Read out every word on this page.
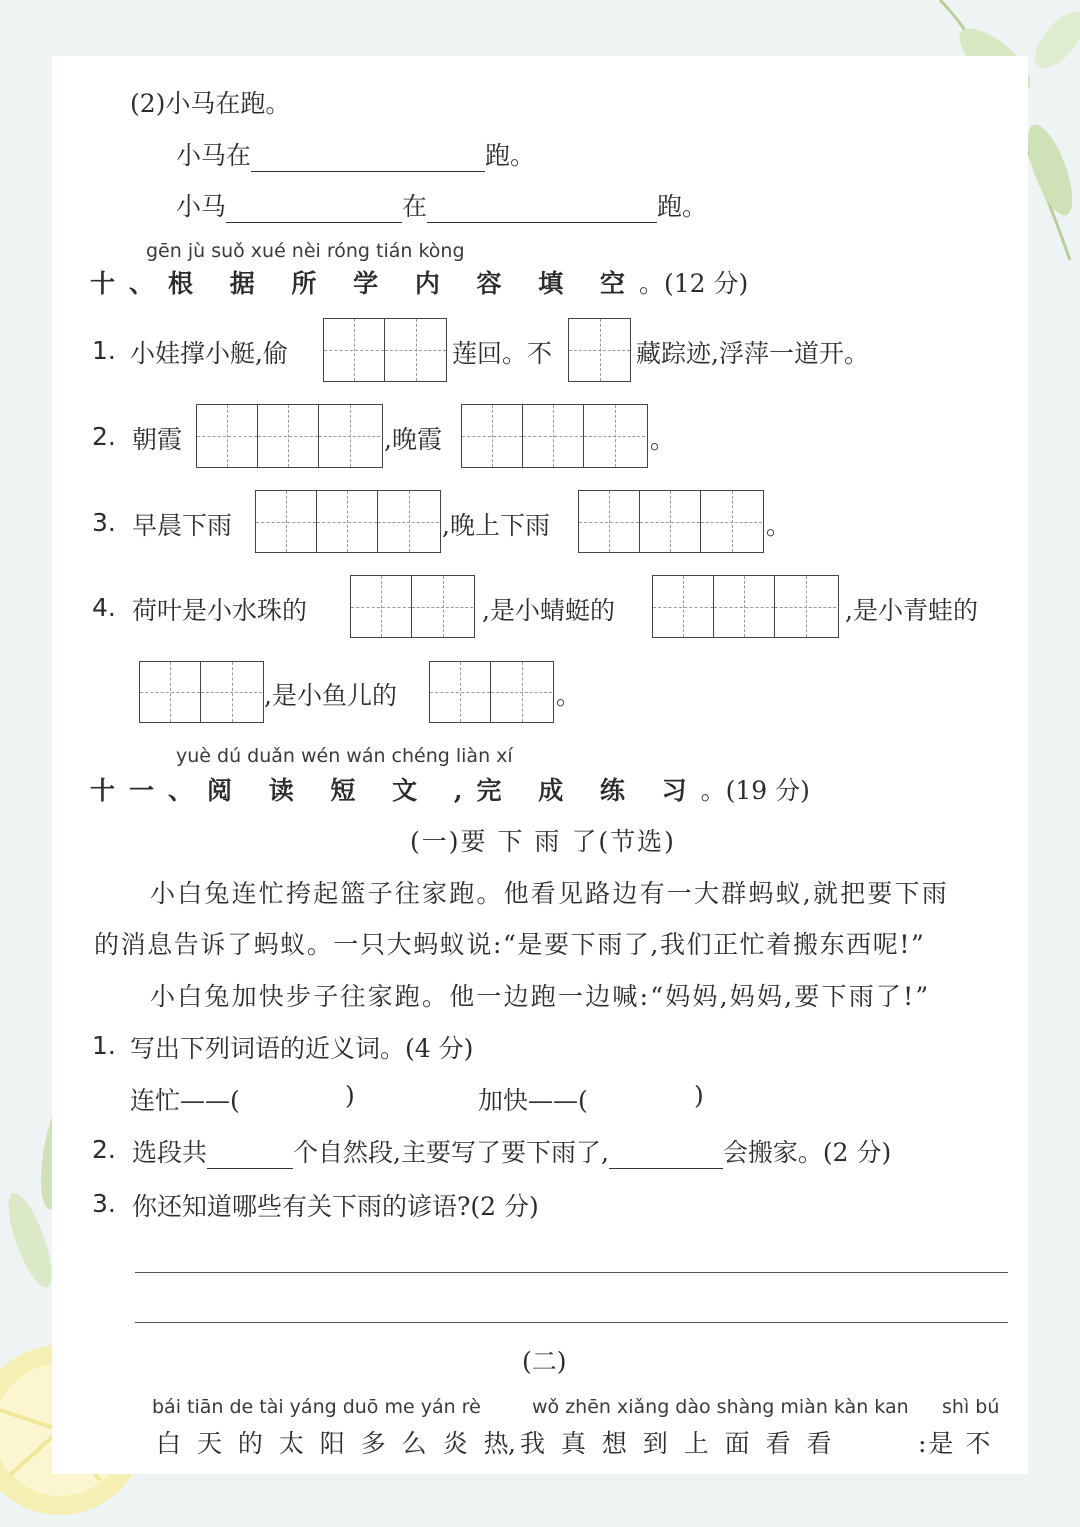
(2)小马在跑。
小马在	跑。
小马	在	跑。
gēn jù suǒ xué nèi róng tián kòng
十、根 据 所 学 内 容 填 空。(12 分)
1. 小娃撑小艇,偷	莲回。不	藏踪迹,浮萍一道开。
2. 朝霞	,晚霞	。
3. 早晨下雨	,晚上下雨	。
4. 荷叶是小水珠的	,是小蜻蜓的	,是小青蛙的
,是小鱼儿的	。
yuè dú duǎn wén wán chéng liàn xí
十一、阅 读 短 文 ,完 成 练 习。(19 分)
(一)要 下 雨 了(节选)
小白兔连忙挎起篮子往家跑。他看见路边有一大群蚂蚁,就把要下雨
的消息告诉了蚂蚁。一只大蚂蚁说:“是要下雨了,我们正忙着搬东西呢!”
小白兔加快步子往家跑。他一边跑一边喊:“妈妈,妈妈,要下雨了!”
1. 写出下列词语的近义词。(4 分)
连忙——(	)	加快——(	)
2. 选段共	个自然段,主要写了要下雨了,	会搬家。(2 分)
3. 你还知道哪些有关下雨的谚语?(2 分)
(二)
bái tiān de tài yáng duō me yán rè	wǒ zhēn xiǎng dào shàng miàn kàn kan shì bú
白 天 的 太 阳 多 么 炎 热
,我 真 想 到 上 面 看 看	:是 不
